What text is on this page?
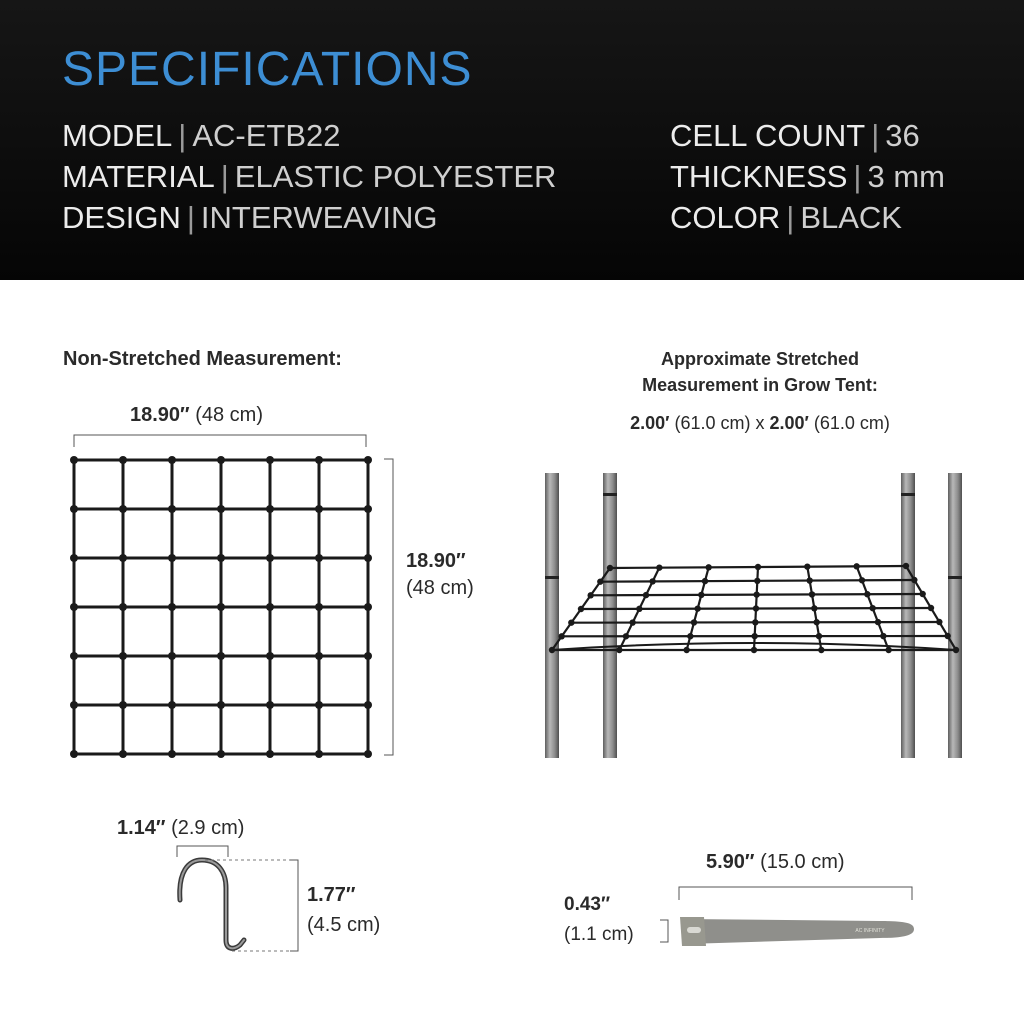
SPECIFICATIONS
MODEL | AC-ETB22
MATERIAL | ELASTIC POLYESTER
DESIGN | INTERWEAVING
CELL COUNT | 36
THICKNESS | 3 mm
COLOR | BLACK
Non-Stretched Measurement:
18.90″ (48 cm)
18.90″
(48 cm)
Approximate Stretched
Measurement in Grow Tent:
2.00′ (61.0 cm) x 2.00′ (61.0 cm)
1.14″ (2.9 cm)
1.77″
(4.5 cm)
5.90″ (15.0 cm)
0.43″
(1.1 cm)	AC INFINITY
